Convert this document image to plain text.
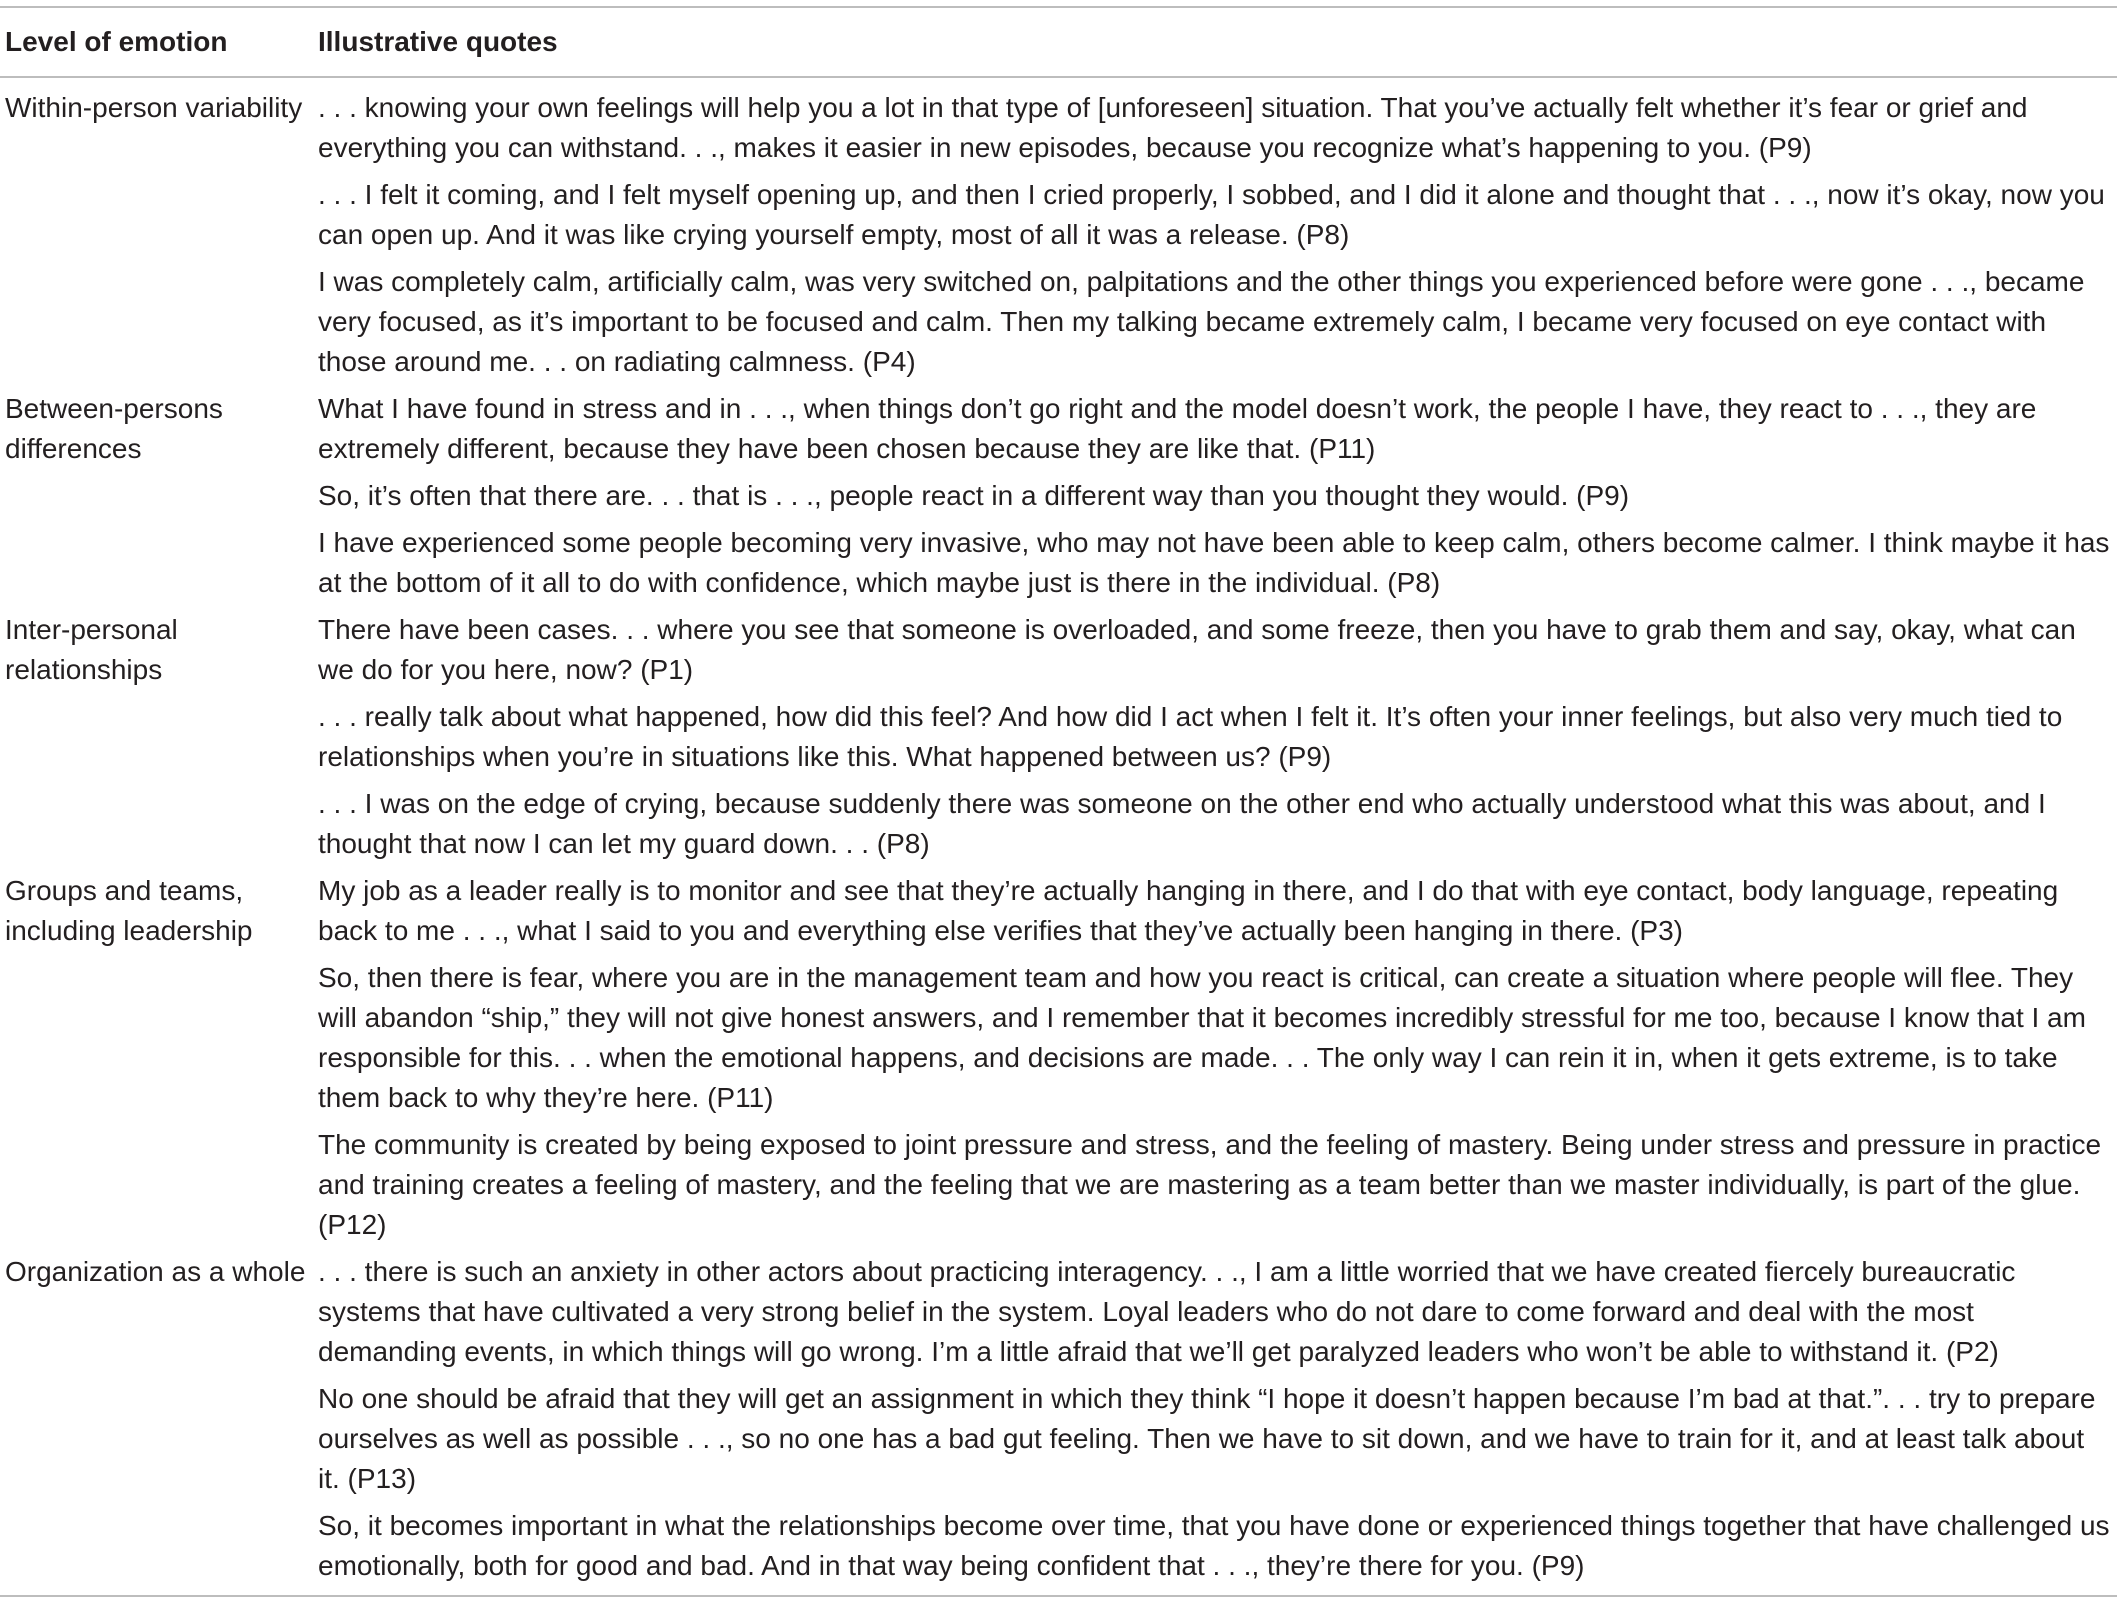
Level of emotion	Illustrative quotes
Within-person variability . . . knowing your own feelings will help you a lot in that type of [unforeseen] situation. That you’ve actually felt whether it’s fear or grief and everything you can withstand. . ., makes it easier in new episodes, because you recognize what’s happening to you. (P9)
. . . I felt it coming, and I felt myself opening up, and then I cried properly, I sobbed, and I did it alone and thought that . . ., now it’s okay, now you can open up. And it was like crying yourself empty, most of all it was a release. (P8)
I was completely calm, artificially calm, was very switched on, palpitations and the other things you experienced before were gone . . ., became very focused, as it’s important to be focused and calm. Then my talking became extremely calm, I became very focused on eye contact with those around me. . . on radiating calmness. (P4)
Between-persons differences
What I have found in stress and in . . ., when things don’t go right and the model doesn’t work, the people I have, they react to . . ., they are extremely different, because they have been chosen because they are like that. (P11)
So, it’s often that there are. . . that is . . ., people react in a different way than you thought they would. (P9)
I have experienced some people becoming very invasive, who may not have been able to keep calm, others become calmer. I think maybe it has at the bottom of it all to do with confidence, which maybe just is there in the individual. (P8)
Inter-personal relationships
There have been cases. . . where you see that someone is overloaded, and some freeze, then you have to grab them and say, okay, what can we do for you here, now? (P1)
. . . really talk about what happened, how did this feel? And how did I act when I felt it. It’s often your inner feelings, but also very much tied to relationships when you’re in situations like this. What happened between us? (P9)
. . . I was on the edge of crying, because suddenly there was someone on the other end who actually understood what this was about, and I thought that now I can let my guard down. . . (P8)
Groups and teams, including leadership
My job as a leader really is to monitor and see that they’re actually hanging in there, and I do that with eye contact, body language, repeating back to me . . ., what I said to you and everything else verifies that they’ve actually been hanging in there. (P3)
So, then there is fear, where you are in the management team and how you react is critical, can create a situation where people will flee. They will abandon “ship,” they will not give honest answers, and I remember that it becomes incredibly stressful for me too, because I know that I am responsible for this. . . when the emotional happens, and decisions are made. . . The only way I can rein it in, when it gets extreme, is to take them back to why they’re here. (P11)
The community is created by being exposed to joint pressure and stress, and the feeling of mastery. Being under stress and pressure in practice and training creates a feeling of mastery, and the feeling that we are mastering as a team better than we master individually, is part of the glue. (P12)
Organization as a whole . . . there is such an anxiety in other actors about practicing interagency. . ., I am a little worried that we have created fiercely bureaucratic systems that have cultivated a very strong belief in the system. Loyal leaders who do not dare to come forward and deal with the most demanding events, in which things will go wrong. I’m a little afraid that we’ll get paralyzed leaders who won’t be able to withstand it. (P2)
No one should be afraid that they will get an assignment in which they think “I hope it doesn’t happen because I’m bad at that.”. . . try to prepare ourselves as well as possible . . ., so no one has a bad gut feeling. Then we have to sit down, and we have to train for it, and at least talk about it. (P13)
So, it becomes important in what the relationships become over time, that you have done or experienced things together that have challenged us emotionally, both for good and bad. And in that way being confident that . . ., they’re there for you. (P9)
